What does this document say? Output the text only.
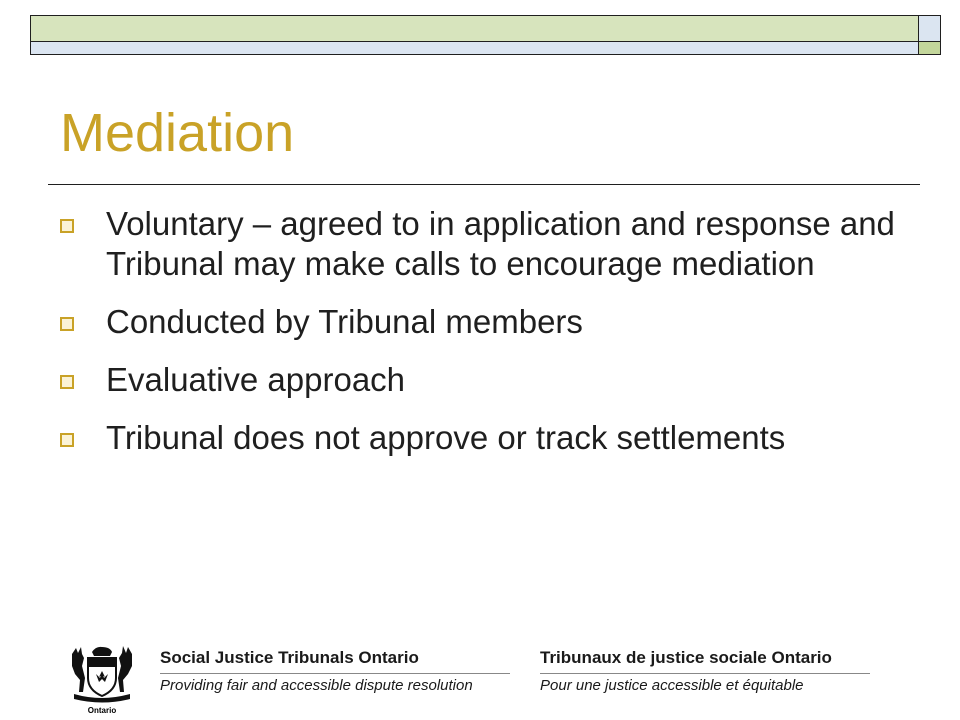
Mediation
Voluntary – agreed to in application and response and Tribunal may make calls to encourage mediation
Conducted by Tribunal members
Evaluative approach
Tribunal does not approve or track settlements
Ontario
Social Justice Tribunals Ontario
Providing fair and accessible dispute resolution
Tribunaux de justice sociale Ontario
Pour une justice accessible et équitable
